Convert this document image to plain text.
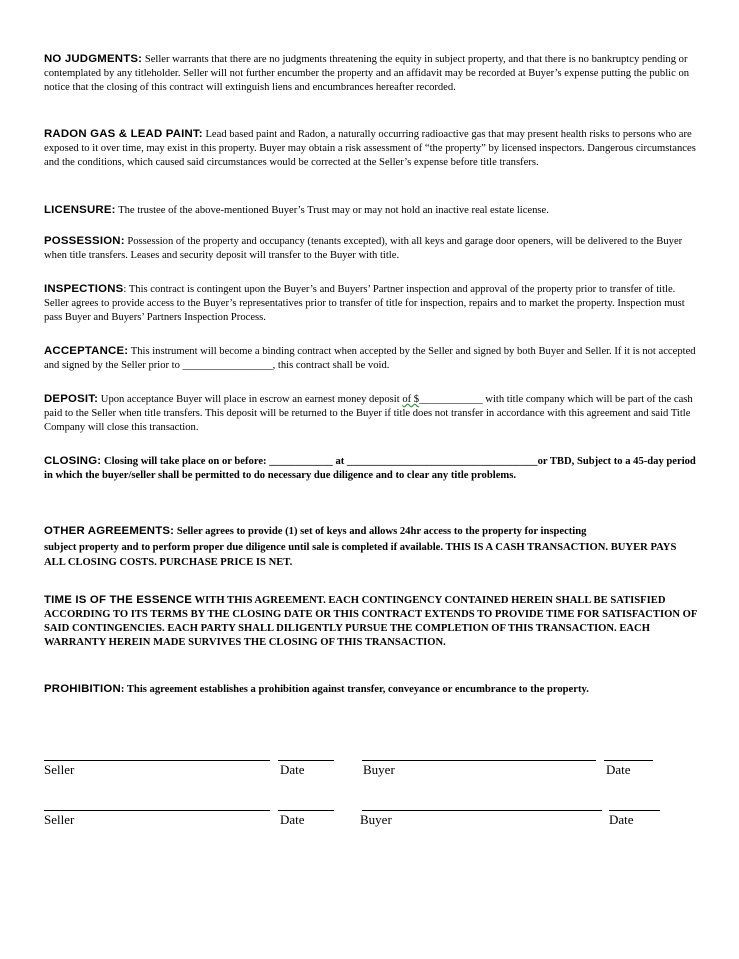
NO JUDGMENTS: Seller warrants that there are no judgments threatening the equity in subject property, and that there is no bankruptcy pending or contemplated by any titleholder. Seller will not further encumber the property and an affidavit may be recorded at Buyer’s expense putting the public on notice that the closing of this contract will extinguish liens and encumbrances hereafter recorded.
RADON GAS & LEAD PAINT: Lead based paint and Radon, a naturally occurring radioactive gas that may present health risks to persons who are exposed to it over time, may exist in this property. Buyer may obtain a risk assessment of “the property” by licensed inspectors. Dangerous circumstances and the conditions, which caused said circumstances would be corrected at the Seller’s expense before title transfers.
LICENSURE: The trustee of the above-mentioned Buyer’s Trust may or may not hold an inactive real estate license.
POSSESSION: Possession of the property and occupancy (tenants excepted), with all keys and garage door openers, will be delivered to the Buyer when title transfers. Leases and security deposit will transfer to the Buyer with title.
INSPECTIONS: This contract is contingent upon the Buyer’s and Buyers’ Partner inspection and approval of the property prior to transfer of title. Seller agrees to provide access to the Buyer’s representatives prior to transfer of title for inspection, repairs and to market the property. Inspection must pass Buyer and Buyers’ Partners Inspection Process.
ACCEPTANCE: This instrument will become a binding contract when accepted by the Seller and signed by both Buyer and Seller. If it is not accepted and signed by the Seller prior to _________________, this contract shall be void.
DEPOSIT: Upon acceptance Buyer will place in escrow an earnest money deposit of $____________ with title company which will be part of the cash paid to the Seller when title transfers. This deposit will be returned to the Buyer if title does not transfer in accordance with this agreement and said Title Company will close this transaction.
CLOSING: Closing will take place on or before: ____________ at ____________________________________or TBD, Subject to a 45-day period in which the buyer/seller shall be permitted to do necessary due diligence and to clear any title problems.
OTHER AGREEMENTS: Seller agrees to provide (1) set of keys and allows 24hr access to the property for inspecting
subject property and to perform proper due diligence until sale is completed if available. THIS IS A CASH TRANSACTION. BUYER PAYS ALL CLOSING COSTS. PURCHASE PRICE IS NET.
TIME IS OF THE ESSENCE WITH THIS AGREEMENT. EACH CONTINGENCY CONTAINED HEREIN SHALL BE SATISFIED ACCORDING TO ITS TERMS BY THE CLOSING DATE OR THIS CONTRACT EXTENDS TO PROVIDE TIME FOR SATISFACTION OF SAID CONTINGENCIES. EACH PARTY SHALL DILIGENTLY PURSUE THE COMPLETION OF THIS TRANSACTION. EACH WARRANTY HEREIN MADE SURVIVES THE CLOSING OF THIS TRANSACTION.
PROHIBITION: This agreement establishes a prohibition against transfer, conveyance or encumbrance to the property.
Seller	Date	Buyer	Date
Seller	Date	Buyer	Date
